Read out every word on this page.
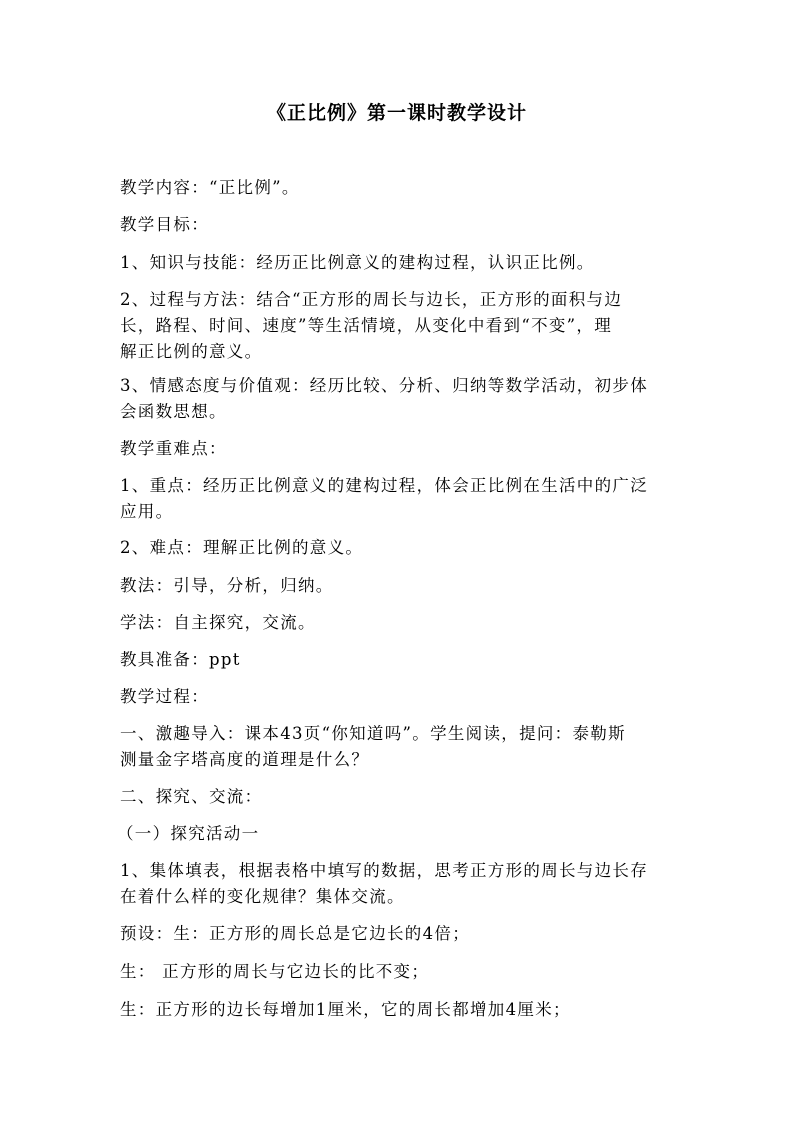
《正比例》第一课时教学设计
教学内容：“正比例”。
教学目标：
1、知识与技能：经历正比例意义的建构过程，认识正比例。
2、过程与方法：结合“正方形的周长与边长，正方形的面积与边
长，路程、时间、速度”等生活情境，从变化中看到“不变”，理
解正比例的意义。
3、情感态度与价值观：经历比较、分析、归纳等数学活动，初步体
会函数思想。
教学重难点：
1、重点：经历正比例意义的建构过程，体会正比例在生活中的广泛
应用。
2、难点：理解正比例的意义。
教法：引导，分析，归纳。
学法：自主探究，交流。
教具准备：ppt
教学过程：
一、激趣导入：课本43页“你知道吗”。学生阅读，提问：泰勒斯
测量金字塔高度的道理是什么？
二、探究、交流：
（一）探究活动一
1、集体填表，根据表格中填写的数据，思考正方形的周长与边长存
在着什么样的变化规律？集体交流。
预设：生：正方形的周长总是它边长的4倍；
生： 正方形的周长与它边长的比不变；
生：正方形的边长每增加1厘米，它的周长都增加4厘米；
